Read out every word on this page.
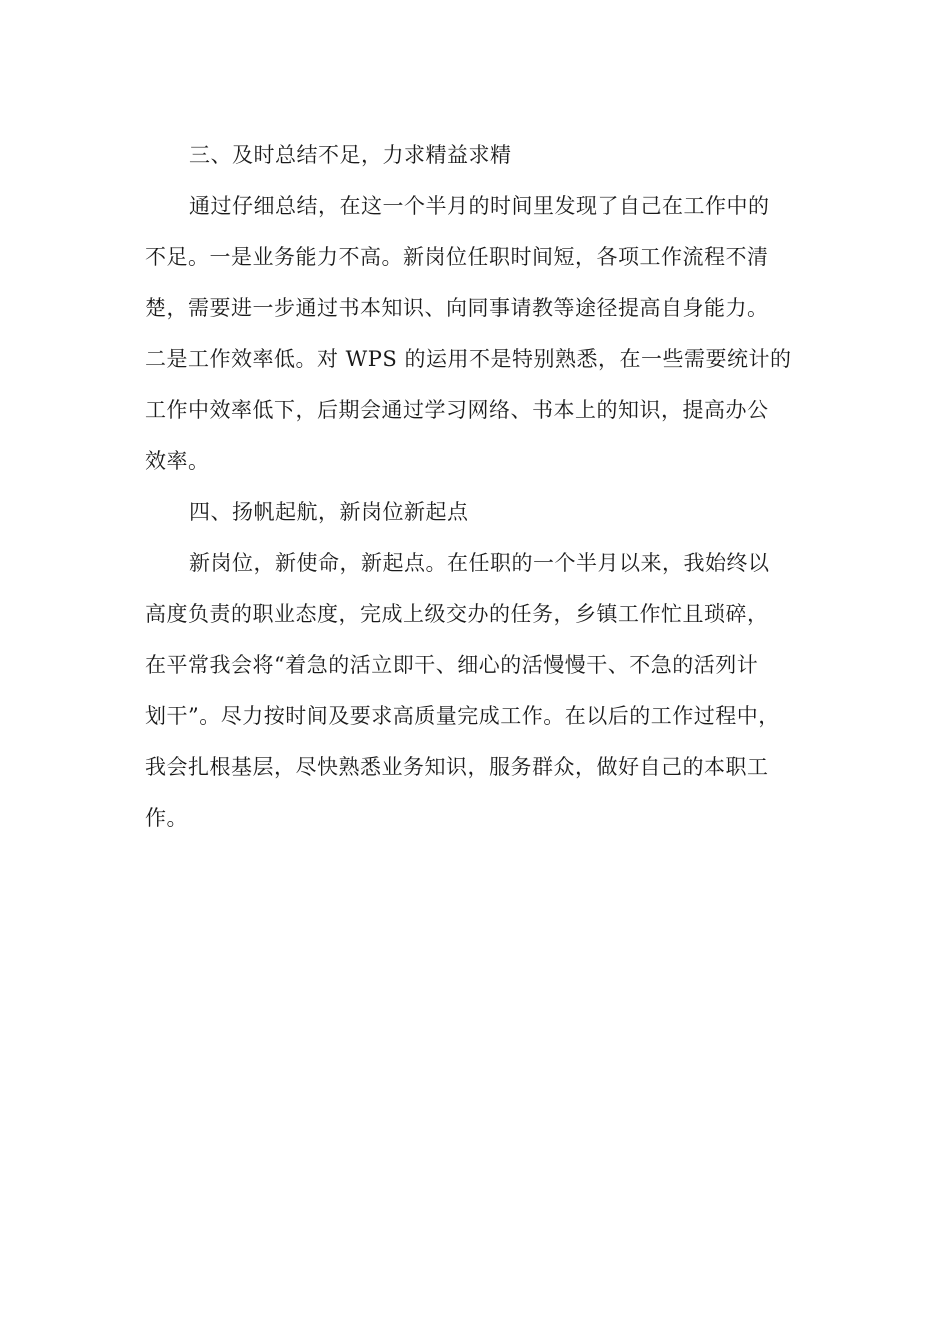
三、及时总结不足，力求精益求精

通过仔细总结，在这一个半月的时间里发现了自己在工作中的
不足。一是业务能力不高。新岗位任职时间短，各项工作流程不清
楚，需要进一步通过书本知识、向同事请教等途径提高自身能力。
二是工作效率低。对 WPS 的运用不是特别熟悉，在一些需要统计的
工作中效率低下，后期会通过学习网络、书本上的知识，提高办公
效率。

四、扬帆起航，新岗位新起点

新岗位，新使命，新起点。在任职的一个半月以来，我始终以
高度负责的职业态度，完成上级交办的任务，乡镇工作忙且琐碎，
在平常我会将“着急的活立即干、细心的活慢慢干、不急的活列计
划干”。尽力按时间及要求高质量完成工作。在以后的工作过程中，
我会扎根基层，尽快熟悉业务知识，服务群众，做好自己的本职工
作。
